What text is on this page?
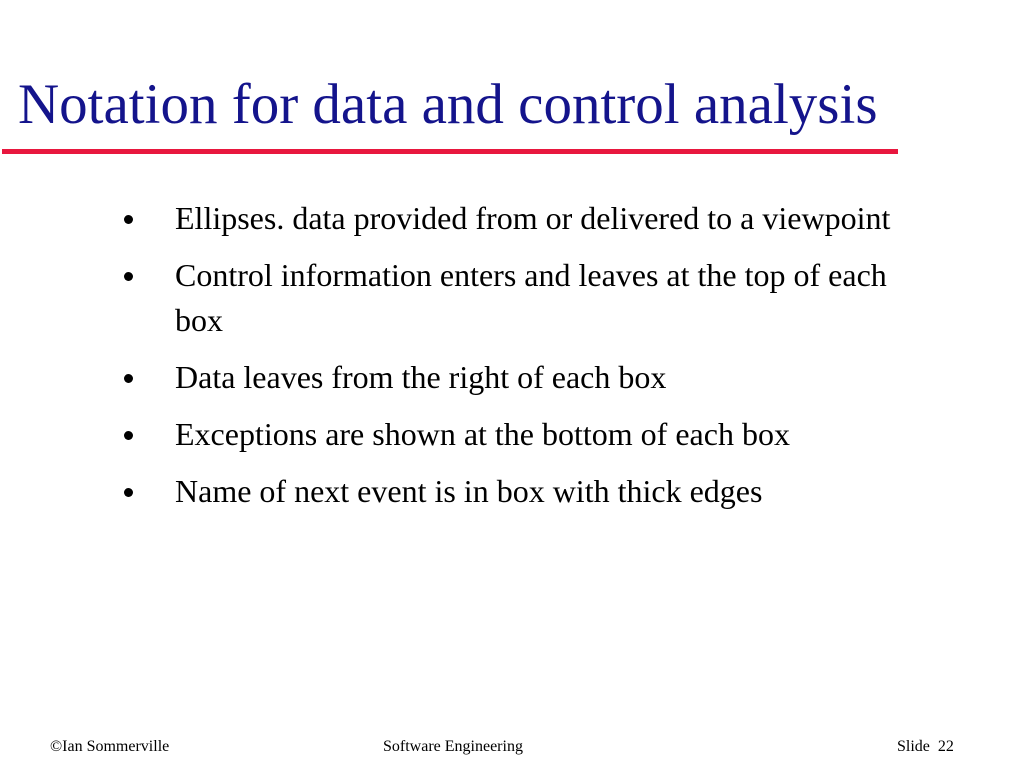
Notation for data and control analysis
Ellipses. data provided from or delivered to a viewpoint
Control information enters and leaves at the top of each box
Data leaves from the right of each box
Exceptions are shown at the bottom of each box
Name of next event is in box with thick edges
©Ian Sommerville	Software Engineering	Slide 22
